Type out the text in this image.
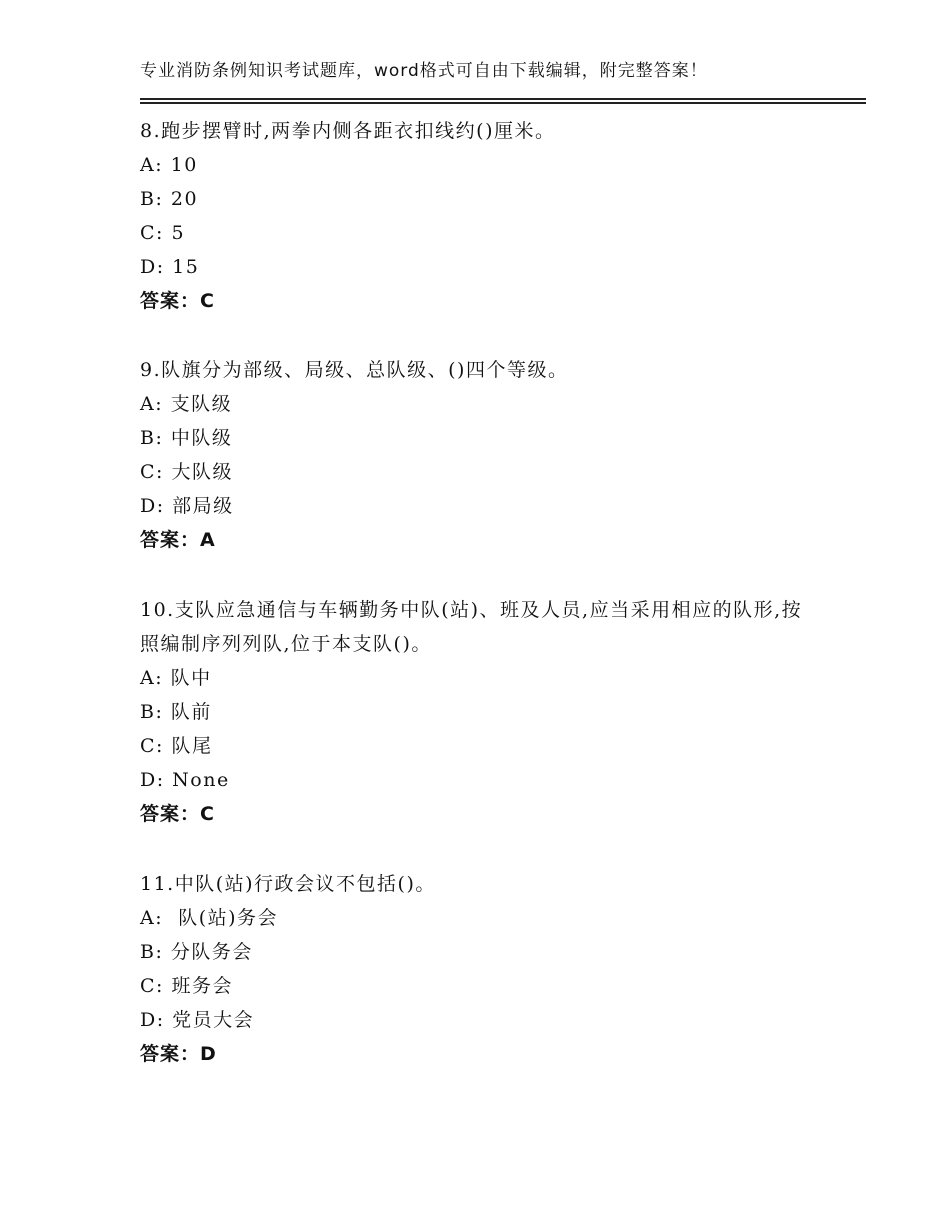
专业消防条例知识考试题库，word格式可自由下载编辑，附完整答案！
8.跑步摆臂时,两拳内侧各距衣扣线约()厘米。
A: 10
B: 20
C: 5
D: 15
答案：C
9.队旗分为部级、局级、总队级、()四个等级。
A: 支队级
B: 中队级
C: 大队级
D: 部局级
答案：A
10.支队应急通信与车辆勤务中队(站)、班及人员,应当采用相应的队形,按照编制序列列队,位于本支队()。
A: 队中
B: 队前
C: 队尾
D: None
答案：C
11.中队(站)行政会议不包括()。
A:  队(站)务会
B: 分队务会
C: 班务会
D: 党员大会
答案：D
